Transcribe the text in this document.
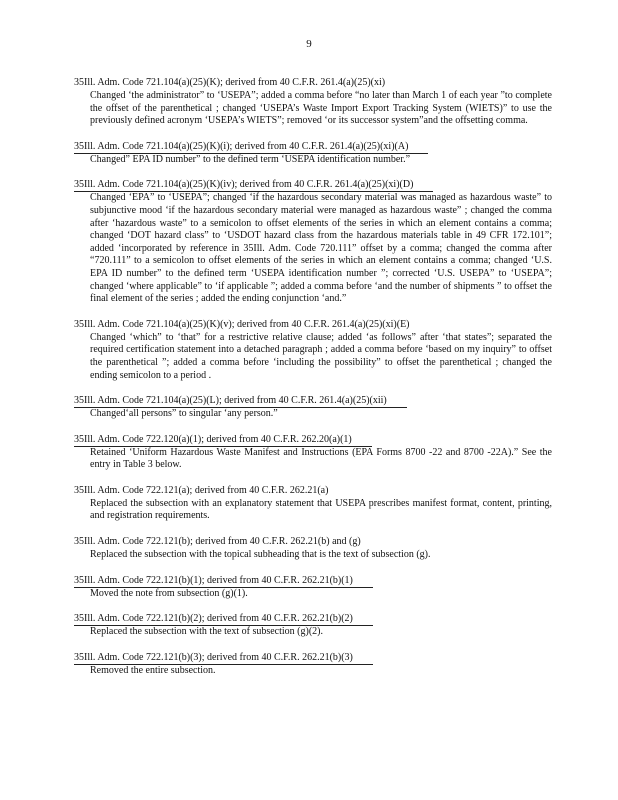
9
35Ill. Adm. Code 721.104(a)(25)(K); derived from 40 C.F.R. 261.4(a)(25)(xi)
Changed ‘the administrator” to ‘USEPA”; added a comma before “no later than March 1 of each year ”to complete the offset of the parenthetical ; changed ‘USEPA’s Waste Import Export Tracking System (WIETS)” to use the previously defined acronym ‘USEPA’s WIETS”; removed ‘or its successor system”and the offsetting comma.
35Ill. Adm. Code 721.104(a)(25)(K)(i); derived from 40 C.F.R. 261.4(a)(25)(xi)(A)
Changed” EPA ID number” to the defined term ‘USEPA identification number.”
35Ill. Adm. Code 721.104(a)(25)(K)(iv); derived from 40 C.F.R. 261.4(a)(25)(xi)(D)
Changed ‘EPA” to ‘USEPA”; changed ‘if the hazardous secondary material was managed as hazardous waste” to subjunctive mood ‘if the hazardous secondary material were managed as hazardous waste” ; changed the comma after ‘hazardous waste” to a semicolon to offset elements of the series in which an element contains a comma; changed ‘DOT hazard class” to ‘USDOT hazard class from the hazardous materials table in 49 CFR 172.101”; added ‘incorporated by reference in 35Ill. Adm. Code 720.111” offset by a comma; changed the comma after “720.111” to a semicolon to offset elements of the series in which an element contains a comma; changed ‘U.S. EPA ID number” to the defined term ‘USEPA identification number ”; corrected ‘U.S. USEPA” to ‘USEPA”; changed ‘where applicable” to ‘if applicable ”; added a comma before ‘and the number of shipments ” to offset the final element of the series ; added the ending conjunction ‘and.”
35Ill. Adm. Code 721.104(a)(25)(K)(v); derived from 40 C.F.R. 261.4(a)(25)(xi)(E)
Changed ‘which” to ‘that” for a restrictive relative clause; added ‘as follows” after ‘that states”; separated the required certification statement into a detached paragraph ; added a comma before ‘based on my inquiry” to offset the parenthetical ”; added a comma before ‘including the possibility” to offset the parenthetical ; changed the ending semicolon to a period .
35Ill. Adm. Code 721.104(a)(25)(L); derived from 40 C.F.R. 261.4(a)(25)(xii)
Changed‘all persons” to singular ‘any person.”
35Ill. Adm. Code 722.120(a)(1); derived from 40 C.F.R. 262.20(a)(1)
Retained ‘Uniform Hazardous Waste Manifest and Instructions (EPA Forms 8700 -22 and 8700 -22A).” See the entry in Table 3 below.
35Ill. Adm. Code 722.121(a); derived from 40 C.F.R. 262.21(a)
Replaced the subsection with an explanatory statement that USEPA prescribes manifest format, content, printing, and registration requirements.
35Ill. Adm. Code 722.121(b); derived from 40 C.F.R. 262.21(b) and (g)
Replaced the subsection with the topical subheading that is the text of subsection (g).
35Ill. Adm. Code 722.121(b)(1); derived from 40 C.F.R. 262.21(b)(1)
Moved the note from subsection (g)(1).
35Ill. Adm. Code 722.121(b)(2); derived from 40 C.F.R. 262.21(b)(2)
Replaced the subsection with the text of subsection (g)(2).
35Ill. Adm. Code 722.121(b)(3); derived from 40 C.F.R. 262.21(b)(3)
Removed the entire subsection.
